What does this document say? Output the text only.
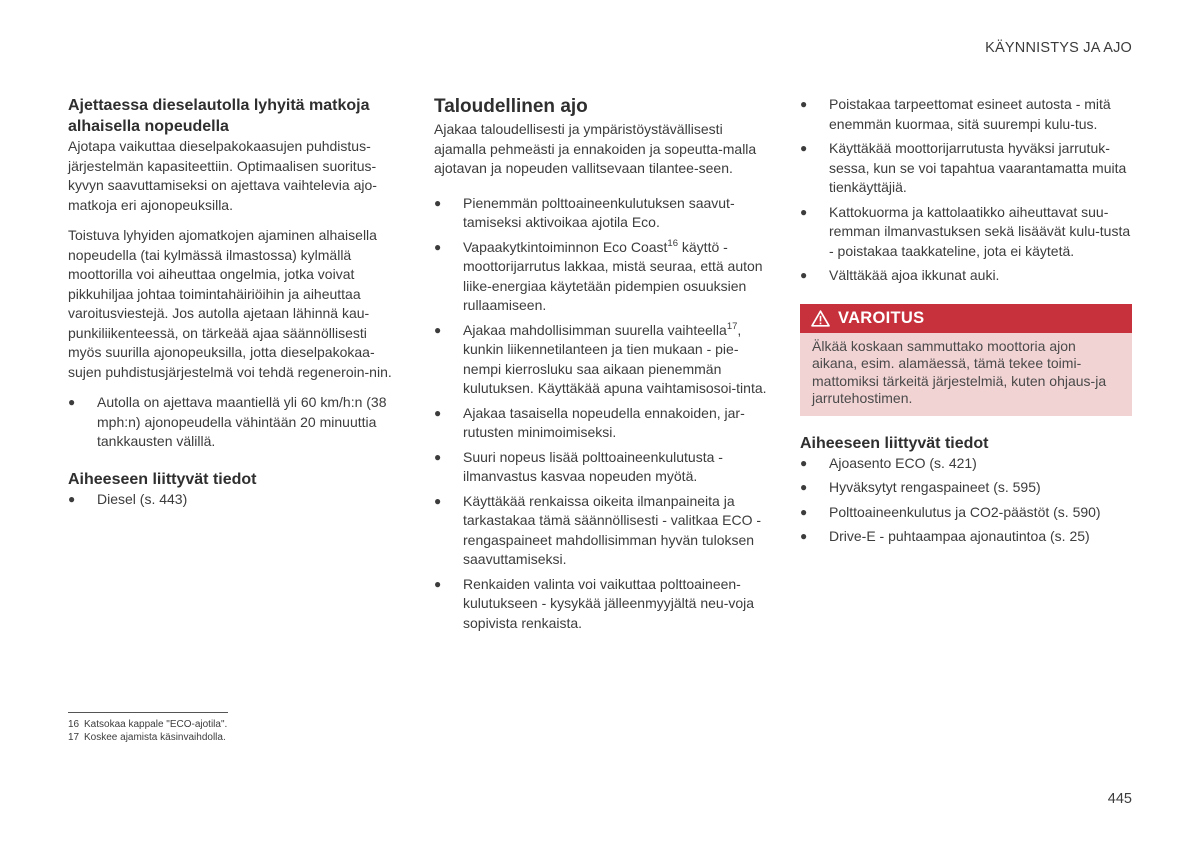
KÄYNNISTYS JA AJO
Ajettaessa dieselautolla lyhyitä matkoja alhaisella nopeudella

Ajotapa vaikuttaa dieselpakokaasujen puhdistus-järjestelmän kapasiteettiin. Optimaalisen suoritus-kyvyn saavuttamiseksi on ajettava vaihtelevia ajo-matkoja eri ajonopeuksilla.

Toistuva lyhyiden ajomatkojen ajaminen alhaisella nopeudella (tai kylmässä ilmastossa) kylmällä moottorilla voi aiheuttaa ongelmia, jotka voivat pikkuhiljaa johtaa toimintahäiriöihin ja aiheuttaa varoitusviestejä. Jos autolla ajetaan lähinnä kau-punkiliikenteessä, on tärkeää ajaa säännöllisesti myös suurilla ajonopeuksilla, jotta dieselpakokaa-sujen puhdistusjärjestelmä voi tehdä regeneroin-nin.

● Autolla on ajettava maantiellä yli 60 km/h:n (38 mph:n) ajonopeudella vähintään 20 minuuttia tankkausten välillä.
Aiheeseen liittyvät tiedot
● Diesel (s. 443)
Taloudellinen ajo

Ajakaa taloudellisesti ja ympäristöystävällisesti ajamalla pehmeästi ja ennakoiden ja sopeutta-malla ajotavan ja nopeuden vallitsevaan tilantee-seen.

● Pienemmän polttoaineenkulutuksen saavut-tamiseksi aktivoikaa ajotila Eco.
● Vapaakytkintoiminnon Eco Coast$^{16}$ käyttö - moottorijarrutus lakkaa, mistä seuraa, että auton liike-energiaa käytetään pidempien osuuksien rullaamiseen.
● Ajakaa mahdollisimman suurella vaihteella$^{17}$, kunkin liikennetilanteen ja tien mukaan - pie-nempi kierrosluku saa aikaan pienemmän kulutuksen. Käyttäkää apuna vaihtamisosoi-tinta.
● Ajakaa tasaisella nopeudella ennakoiden, jar-rutusten minimoimiseksi.
● Suuri nopeus lisää polttoaineenkulutusta - ilmanvastus kasvaa nopeuden myötä.
● Käyttäkää renkaissa oikeita ilmanpaineita ja tarkastakaa tämä säännöllisesti - valitkaa ECO -rengaspaineet mahdollisimman hyvän tuloksen saavuttamiseksi.
● Renkaiden valinta voi vaikuttaa polttoaineen-kulutukseen - kysykää jälleenmyyjältä neu-voja sopivista renkaista.
● Poistakaa tarpeettomat esineet autosta - mitä enemmän kuormaa, sitä suurempi kulu-tus.
● Käyttäkää moottorijarrutusta hyväksi jarrutuk-sessa, kun se voi tapahtua vaarantamatta muita tienkäyttäjiä.
● Kattokuorma ja kattolaatikko aiheuttavat suu-remman ilmanvastuksen sekä lisäävät kulu-tusta - poistakaa taakkateline, jota ei käytetä.
● Välttäkää ajoa ikkunat auki.
VAROITUS

Älkää koskaan sammuttako moottoria ajon aikana, esim. alamäessä, tämä tekee toimi-mattomiksi tärkeitä järjestelmiä, kuten ohjaus-ja jarrutehostimen.

Aiheeseen liittyvät tiedot
● Ajoasento ECO (s. 421)
● Hyväksytyt rengaspaineet (s. 595)
● Polttoaineenkulutus ja CO2-päästöt (s. 590)
● Drive-E - puhtaampaa ajonautintoa (s. 25)
16 Katsokaa kappale "ECO-ajotila".
17 Koskee ajamista käsinvaihdolla.
445
